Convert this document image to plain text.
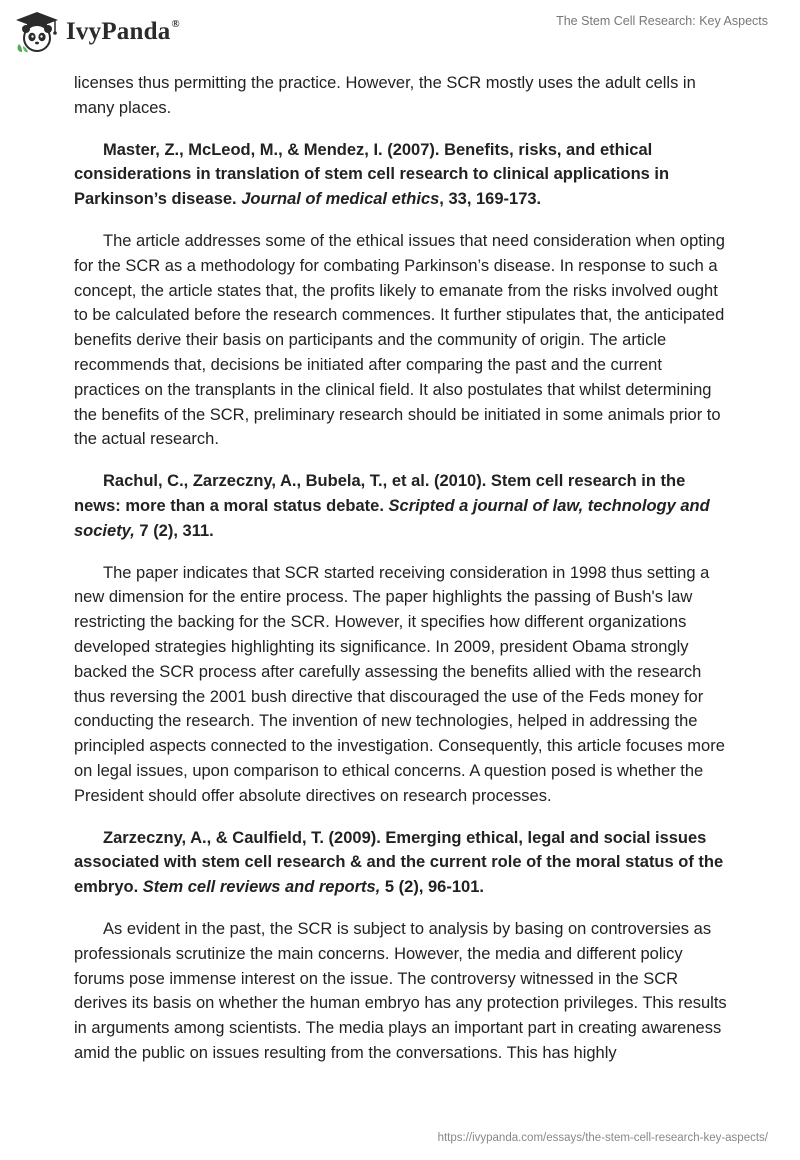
IvyPanda®	The Stem Cell Research: Key Aspects

licenses thus permitting the practice. However, the SCR mostly uses the adult cells in many places.

Master, Z., McLeod, M., & Mendez, I. (2007). Benefits, risks, and ethical considerations in translation of stem cell research to clinical applications in Parkinson’s disease. Journal of medical ethics, 33, 169-173.

The article addresses some of the ethical issues that need consideration when opting for the SCR as a methodology for combating Parkinson’s disease. In response to such a concept, the article states that, the profits likely to emanate from the risks involved ought to be calculated before the research commences. It further stipulates that, the anticipated benefits derive their basis on participants and the community of origin. The article recommends that, decisions be initiated after comparing the past and the current practices on the transplants in the clinical field. It also postulates that whilst determining the benefits of the SCR, preliminary research should be initiated in some animals prior to the actual research.

Rachul, C., Zarzeczny, A., Bubela, T., et al. (2010). Stem cell research in the news: more than a moral status debate. Scripted a journal of law, technology and society, 7 (2), 311.

The paper indicates that SCR started receiving consideration in 1998 thus setting a new dimension for the entire process. The paper highlights the passing of Bush's law restricting the backing for the SCR. However, it specifies how different organizations developed strategies highlighting its significance. In 2009, president Obama strongly backed the SCR process after carefully assessing the benefits allied with the research thus reversing the 2001 bush directive that discouraged the use of the Feds money for conducting the research. The invention of new technologies, helped in addressing the principled aspects connected to the investigation. Consequently, this article focuses more on legal issues, upon comparison to ethical concerns. A question posed is whether the President should offer absolute directives on research processes.

Zarzeczny, A., & Caulfield, T. (2009). Emerging ethical, legal and social issues associated with stem cell research & and the current role of the moral status of the embryo. Stem cell reviews and reports, 5 (2), 96-101.

As evident in the past, the SCR is subject to analysis by basing on controversies as professionals scrutinize the main concerns. However, the media and different policy forums pose immense interest on the issue. The controversy witnessed in the SCR derives its basis on whether the human embryo has any protection privileges. This results in arguments among scientists. The media plays an important part in creating awareness amid the public on issues resulting from the conversations. This has highly

https://ivypanda.com/essays/the-stem-cell-research-key-aspects/
